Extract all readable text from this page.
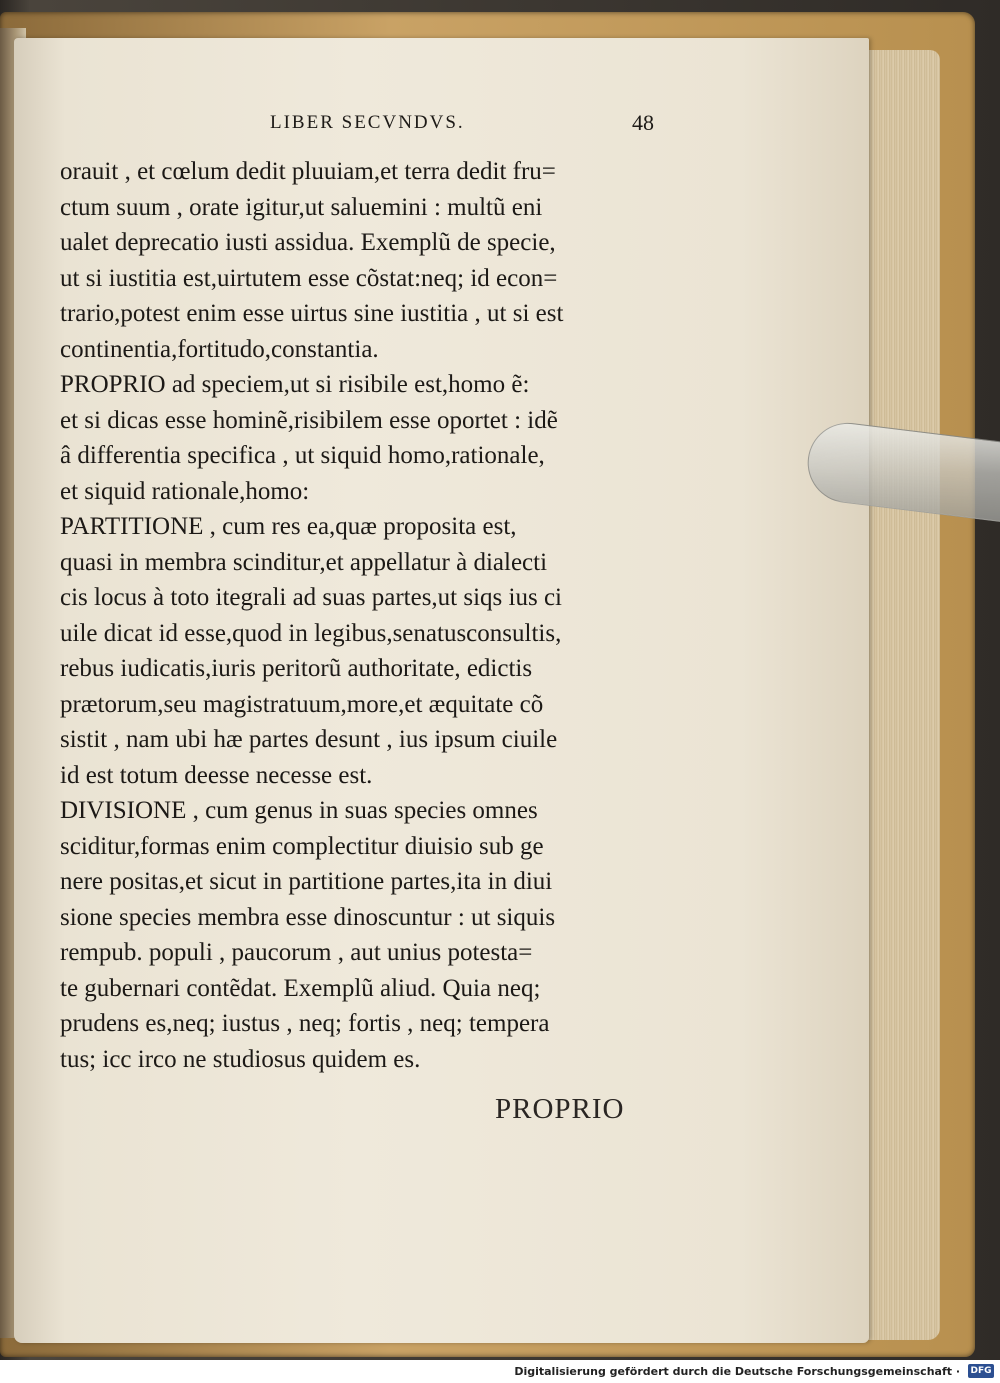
LIBER SECVNDVS.	48
orauit , et cœlum dedit pluuiam,et terra dedit fru=
ctum suum , orate igitur,ut saluemini : multũ eni
ualet deprecatio iusti assidua. Exemplũ de specie,
ut si iustitia est,uirtutem esse cõstat:neq; id econ=
trario,potest enim esse uirtus sine iustitia , ut si est
continentia,fortitudo,constantia.
PROPRIO ad speciem,ut si risibile est,homo ẽ:
et si dicas esse hominẽ,risibilem esse oportet : idẽ
â differentia specifica , ut siquid homo,rationale,
et siquid rationale,homo:
PARTITIONE , cum res ea,quæ proposita est,
quasi in membra scinditur,et appellatur à dialecti
cis locus à toto itegrali ad suas partes,ut siqs ius ci
uile dicat id esse,quod in legibus,senatusconsultis,
rebus iudicatis,iuris peritorũ authoritate, edictis
prætorum,seu magistratuum,more,et æquitate cõ
sistit , nam ubi hæ partes desunt , ius ipsum ciuile
id est totum deesse necesse est.
DIVISIONE , cum genus in suas species omnes
sciditur,formas enim complectitur diuisio sub ge
nere positas,et sicut in partitione partes,ita in diui
sione species membra esse dinoscuntur : ut siquis
rempub. populi , paucorum , aut unius potesta=
te gubernari contẽdat. Exemplũ aliud. Quia neq;
prudens es,neq; iustus , neq; fortis , neq; tempera
tus; icc irco ne studiosus quidem es.
PROPRIO
Digitalisierung gefördert durch die Deutsche Forschungsgemeinschaft · DFG
